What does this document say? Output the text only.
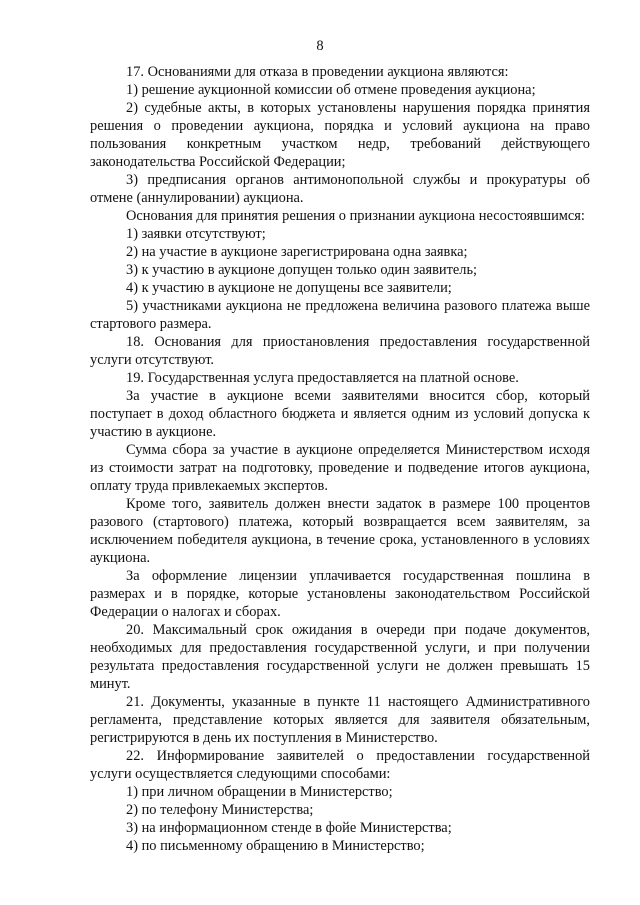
8

17. Основаниями для отказа в проведении аукциона являются:

1) решение аукционной комиссии об отмене проведения аукциона;

2) судебные акты, в которых установлены нарушения порядка принятия решения о проведении аукциона, порядка и условий аукциона на право пользования конкретным участком недр, требований действующего законодательства Российской Федерации;

3) предписания органов антимонопольной службы и прокуратуры об отмене (аннулировании) аукциона.

Основания для принятия решения о признании аукциона несостоявшимся:

1) заявки отсутствуют;

2) на участие в аукционе зарегистрирована одна заявка;

3) к участию в аукционе допущен только один заявитель;

4) к участию в аукционе не допущены все заявители;

5) участниками аукциона не предложена величина разового платежа выше стартового размера.

18. Основания для приостановления предоставления государственной услуги отсутствуют.

19. Государственная услуга предоставляется на платной основе.

За участие в аукционе всеми заявителями вносится сбор, который поступает в доход областного бюджета и является одним из условий допуска к участию в аукционе.

Сумма сбора за участие в аукционе определяется Министерством исходя из стоимости затрат на подготовку, проведение и подведение итогов аукциона, оплату труда привлекаемых экспертов.

Кроме того, заявитель должен внести задаток в размере 100 процентов разового (стартового) платежа, который возвращается всем заявителям, за исключением победителя аукциона, в течение срока, установленного в условиях аукциона.

За оформление лицензии уплачивается государственная пошлина в размерах и в порядке, которые установлены законодательством Российской Федерации о налогах и сборах.

20. Максимальный срок ожидания в очереди при подаче документов, необходимых для предоставления государственной услуги, и при получении результата предоставления государственной услуги не должен превышать 15 минут.

21. Документы, указанные в пункте 11 настоящего Административного регламента, представление которых является для заявителя обязательным, регистрируются в день их поступления в Министерство.

22. Информирование заявителей о предоставлении государственной услуги осуществляется следующими способами:

1) при личном обращении в Министерство;

2) по телефону Министерства;

3) на информационном стенде в фойе Министерства;

4) по письменному обращению в Министерство;
